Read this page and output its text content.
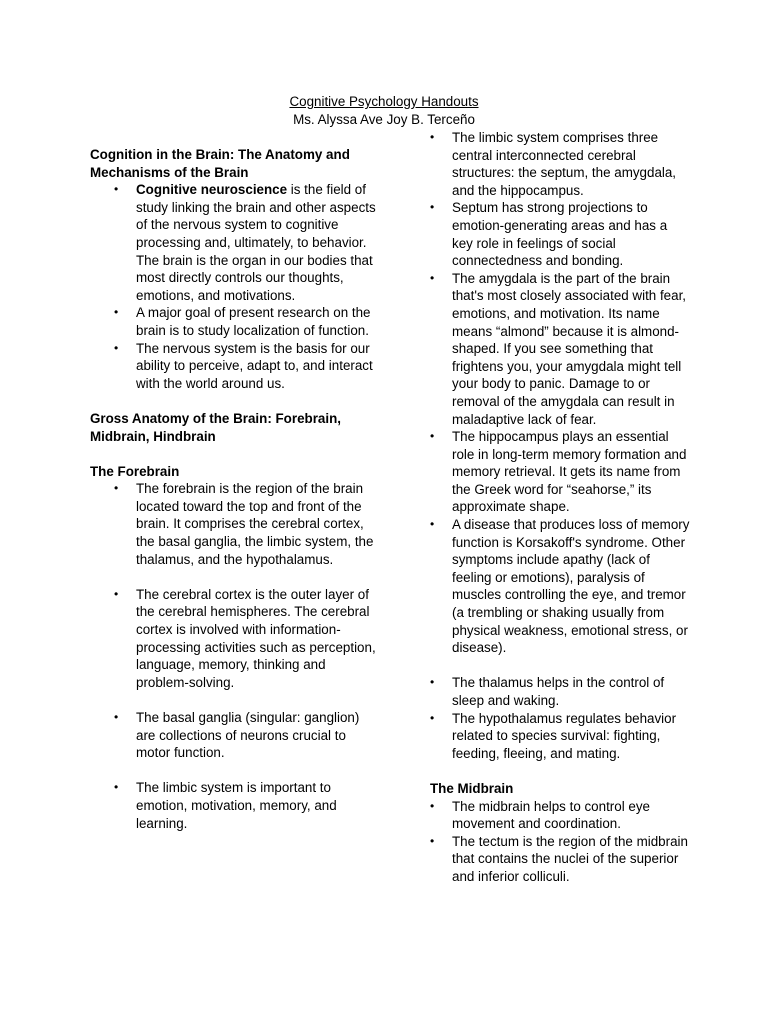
Cognitive Psychology Handouts
Ms. Alyssa Ave Joy B. Terceño
Cognition in the Brain: The Anatomy and Mechanisms of the Brain
• Cognitive neuroscience is the field of study linking the brain and other aspects of the nervous system to cognitive processing and, ultimately, to behavior. The brain is the organ in our bodies that most directly controls our thoughts, emotions, and motivations.
• A major goal of present research on the brain is to study localization of function.
• The nervous system is the basis for our ability to perceive, adapt to, and interact with the world around us.
Gross Anatomy of the Brain: Forebrain, Midbrain, Hindbrain
The Forebrain
• The forebrain is the region of the brain located toward the top and front of the brain. It comprises the cerebral cortex, the basal ganglia, the limbic system, the thalamus, and the hypothalamus.
• The cerebral cortex is the outer layer of the cerebral hemispheres. The cerebral cortex is involved with information-processing activities such as perception, language, memory, thinking and problem-solving.
• The basal ganglia (singular: ganglion) are collections of neurons crucial to motor function.
• The limbic system is important to emotion, motivation, memory, and learning.
• The limbic system comprises three central interconnected cerebral structures: the septum, the amygdala, and the hippocampus.
• Septum has strong projections to emotion-generating areas and has a key role in feelings of social connectedness and bonding.
• The amygdala is the part of the brain that's most closely associated with fear, emotions, and motivation. Its name means “almond” because it is almond-shaped. If you see something that frightens you, your amygdala might tell your body to panic. Damage to or removal of the amygdala can result in maladaptive lack of fear.
• The hippocampus plays an essential role in long-term memory formation and memory retrieval. It gets its name from the Greek word for “seahorse,” its approximate shape.
• A disease that produces loss of memory function is Korsakoff's syndrome. Other symptoms include apathy (lack of feeling or emotions), paralysis of muscles controlling the eye, and tremor (a trembling or shaking usually from physical weakness, emotional stress, or disease).
• The thalamus helps in the control of sleep and waking.
• The hypothalamus regulates behavior related to species survival: fighting, feeding, fleeing, and mating.
The Midbrain
• The midbrain helps to control eye movement and coordination.
• The tectum is the region of the midbrain that contains the nuclei of the superior and inferior colliculi.
